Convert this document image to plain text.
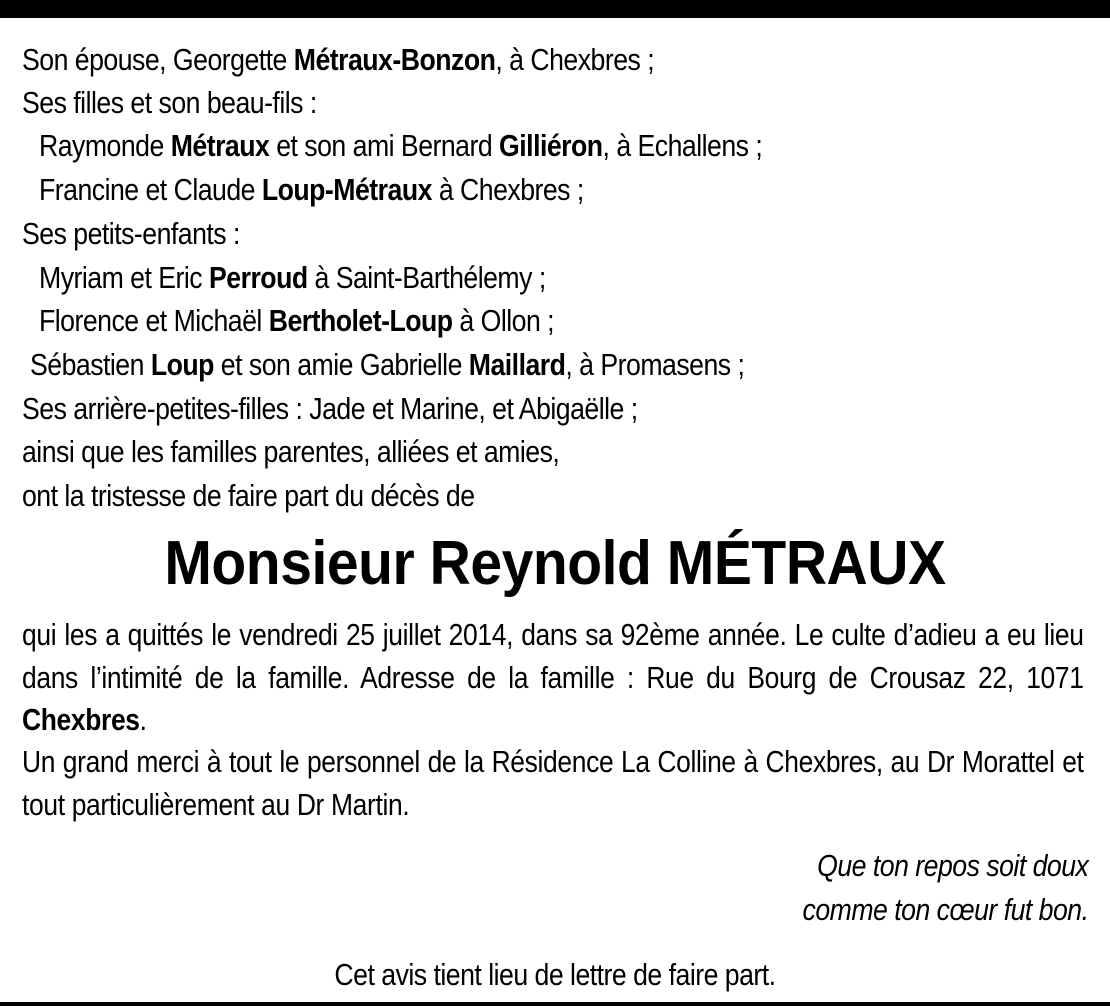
Son épouse, Georgette Métraux-Bonzon, à Chexbres ;
Ses filles et son beau-fils :
Raymonde Métraux et son ami Bernard Gilliéron, à Echallens ;
Francine et Claude Loup-Métraux à Chexbres ;
Ses petits-enfants :
Myriam et Eric Perroud à Saint-Barthélemy ;
Florence et Michaël Bertholet-Loup à Ollon ;
Sébastien Loup et son amie Gabrielle Maillard, à Promasens ;
Ses arrière-petites-filles : Jade et Marine, et Abigaëlle ;
ainsi que les familles parentes, alliées et amies,
ont la tristesse de faire part du décès de
Monsieur Reynold MÉTRAUX
qui les a quittés le vendredi 25 juillet 2014, dans sa 92ème année. Le culte d’adieu a eu lieu dans l’intimité de la famille. Adresse de la famille : Rue du Bourg de Crousaz 22, 1071 Chexbres.
Un grand merci à tout le personnel de la Résidence La Colline à Chexbres, au Dr Morattel et tout particulièrement au Dr Martin.
Que ton repos soit doux
comme ton cœur fut bon.
Cet avis tient lieu de lettre de faire part.
